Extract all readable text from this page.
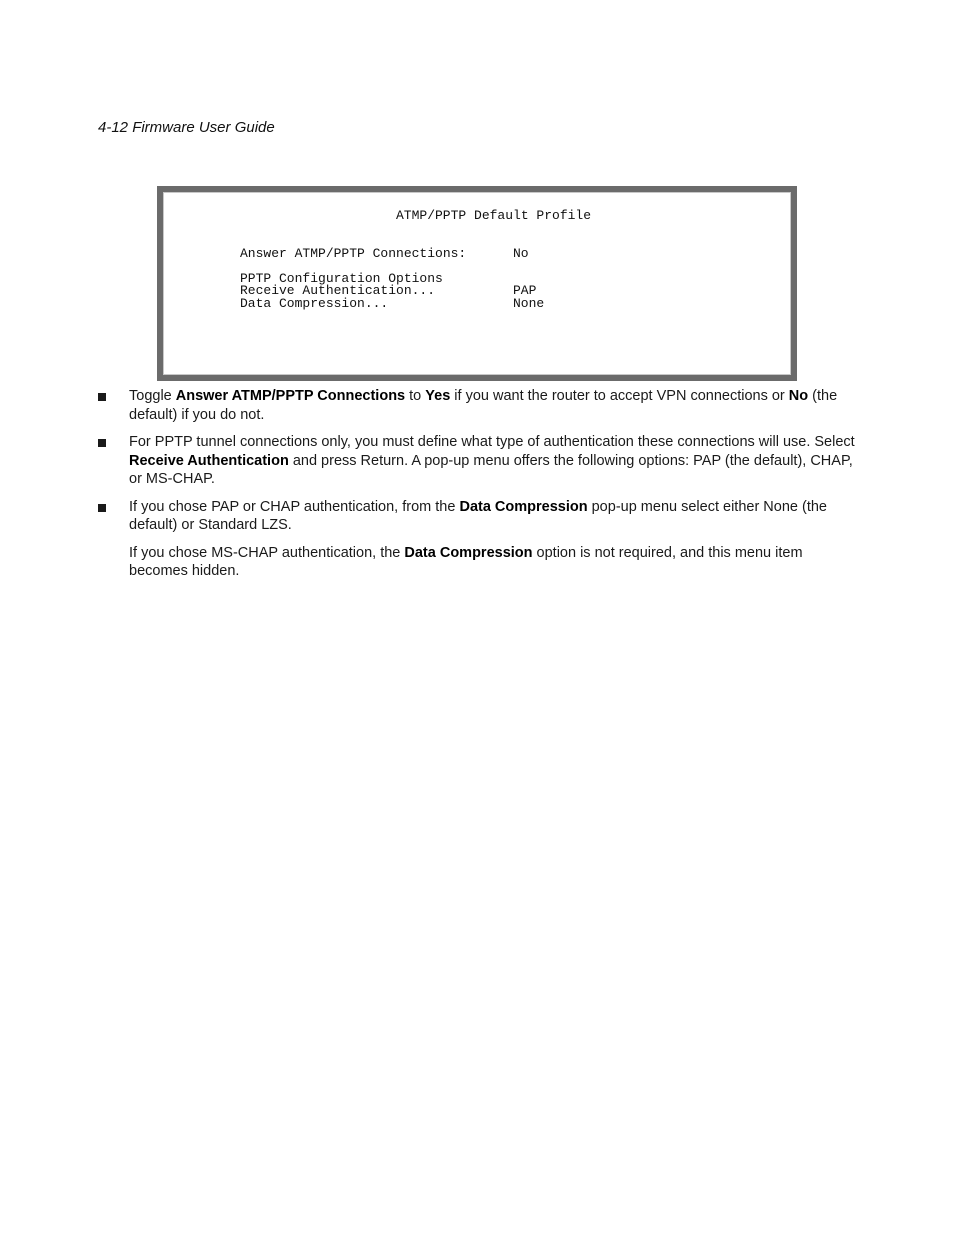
4-12 Firmware User Guide
ATMP/PPTP Default Profile
Answer ATMP/PPTP Connections:	No
PPTP Configuration Options
Receive Authentication...	PAP
Data Compression...	None
Toggle Answer ATMP/PPTP Connections to Yes if you want the router to accept VPN connections or No (the default) if you do not.
For PPTP tunnel connections only, you must define what type of authentication these connections will use. Select Receive Authentication and press Return. A pop-up menu offers the following options: PAP (the default), CHAP, or MS-CHAP.
If you chose PAP or CHAP authentication, from the Data Compression pop-up menu select either None (the default) or Standard LZS.
If you chose MS-CHAP authentication, the Data Compression option is not required, and this menu item becomes hidden.
